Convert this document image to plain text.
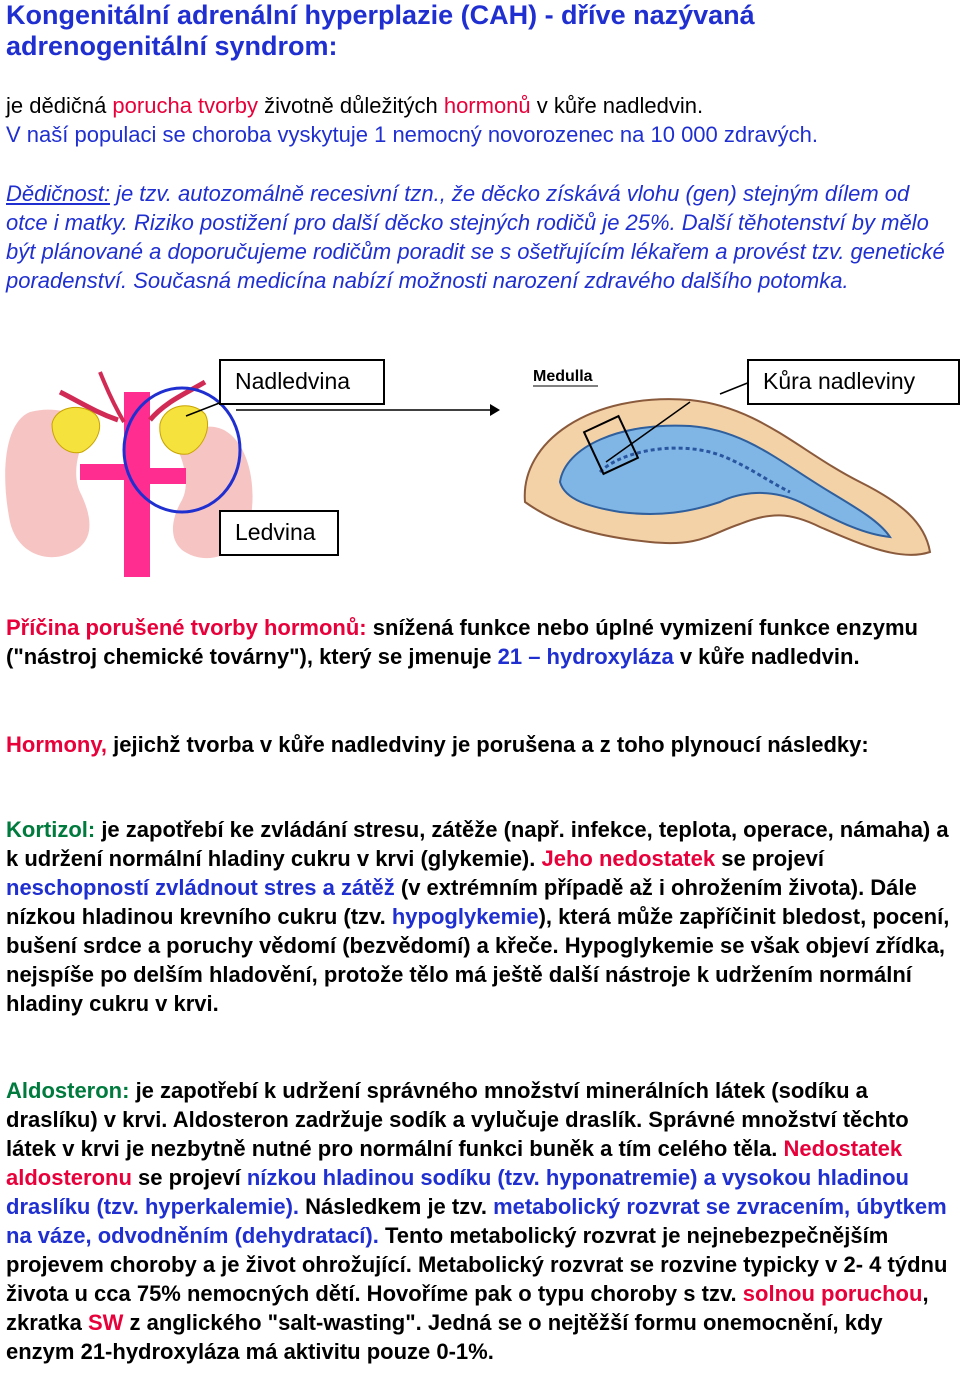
Kongenitální adrenální hyperplazie (CAH) - dříve nazývaná adrenogenitální syndrom:

je dědičná porucha tvorby životně důležitých hormonů v kůře nadledvin.
V naší populaci se choroba vyskytuje 1 nemocný novorozenec na 10 000 zdravých.

Dědičnost: je tzv. autozomálně recesivní tzn., že děcko získává vlohu (gen) stejným dílem od otce i matky. Riziko postižení pro další děcko stejných rodičů je 25%. Další těhotenství by mělo být plánované a doporučujeme rodičům poradit se s ošetřujícím lékařem a provést tzv. genetické poradenství. Současná medicína nabízí možnosti narození zdravého dalšího potomka.

Medulla
Nadledvina	Kůra nadleviny
Ledvina

Příčina porušené tvorby hormonů: snížená funkce nebo úplné vymizení funkce enzymu ("nástroj chemické továrny"), který se jmenuje 21 – hydroxyláza v kůře nadledvin.

Hormony, jejichž tvorba v kůře nadledviny je porušena a z toho plynoucí následky:

Kortizol: je zapotřebí ke zvládání stresu, zátěže (např. infekce, teplota, operace, námaha) a k udržení normální hladiny cukru v krvi (glykemie). Jeho nedostatek se projeví neschopností zvládnout stres a zátěž (v extrémním případě až i ohrožením života). Dále nízkou hladinou krevního cukru (tzv. hypoglykemie), která může zapříčinit bledost, pocení, bušení srdce a poruchy vědomí (bezvědomí) a křeče. Hypoglykemie se však objeví zřídka, nejspíše po delším hladovění, protože tělo má ještě další nástroje k udržením normální hladiny cukru v krvi.

Aldosteron: je zapotřebí k udržení správného množství minerálních látek (sodíku a draslíku) v krvi. Aldosteron zadržuje sodík a vylučuje draslík. Správné množství těchto látek v krvi je nezbytně nutné pro normální funkci buněk a tím celého těla. Nedostatek aldosteronu se projeví nízkou hladinou sodíku (tzv. hyponatremie) a vysokou hladinou draslíku (tzv. hyperkalemie). Následkem je tzv. metabolický rozvrat se zvracením, úbytkem na váze, odvodněním (dehydratací). Tento metabolický rozvrat je nejnebezpečnějším projevem choroby a je život ohrožující. Metabolický rozvrat se rozvine typicky v 2- 4 týdnu života u cca 75% nemocných dětí. Hovoříme pak o typu choroby s tzv. solnou poruchou, zkratka SW z anglického "salt-wasting". Jedná se o nejtěžší formu onemocnění, kdy enzym 21-hydroxyláza má aktivitu pouze 0-1%.
